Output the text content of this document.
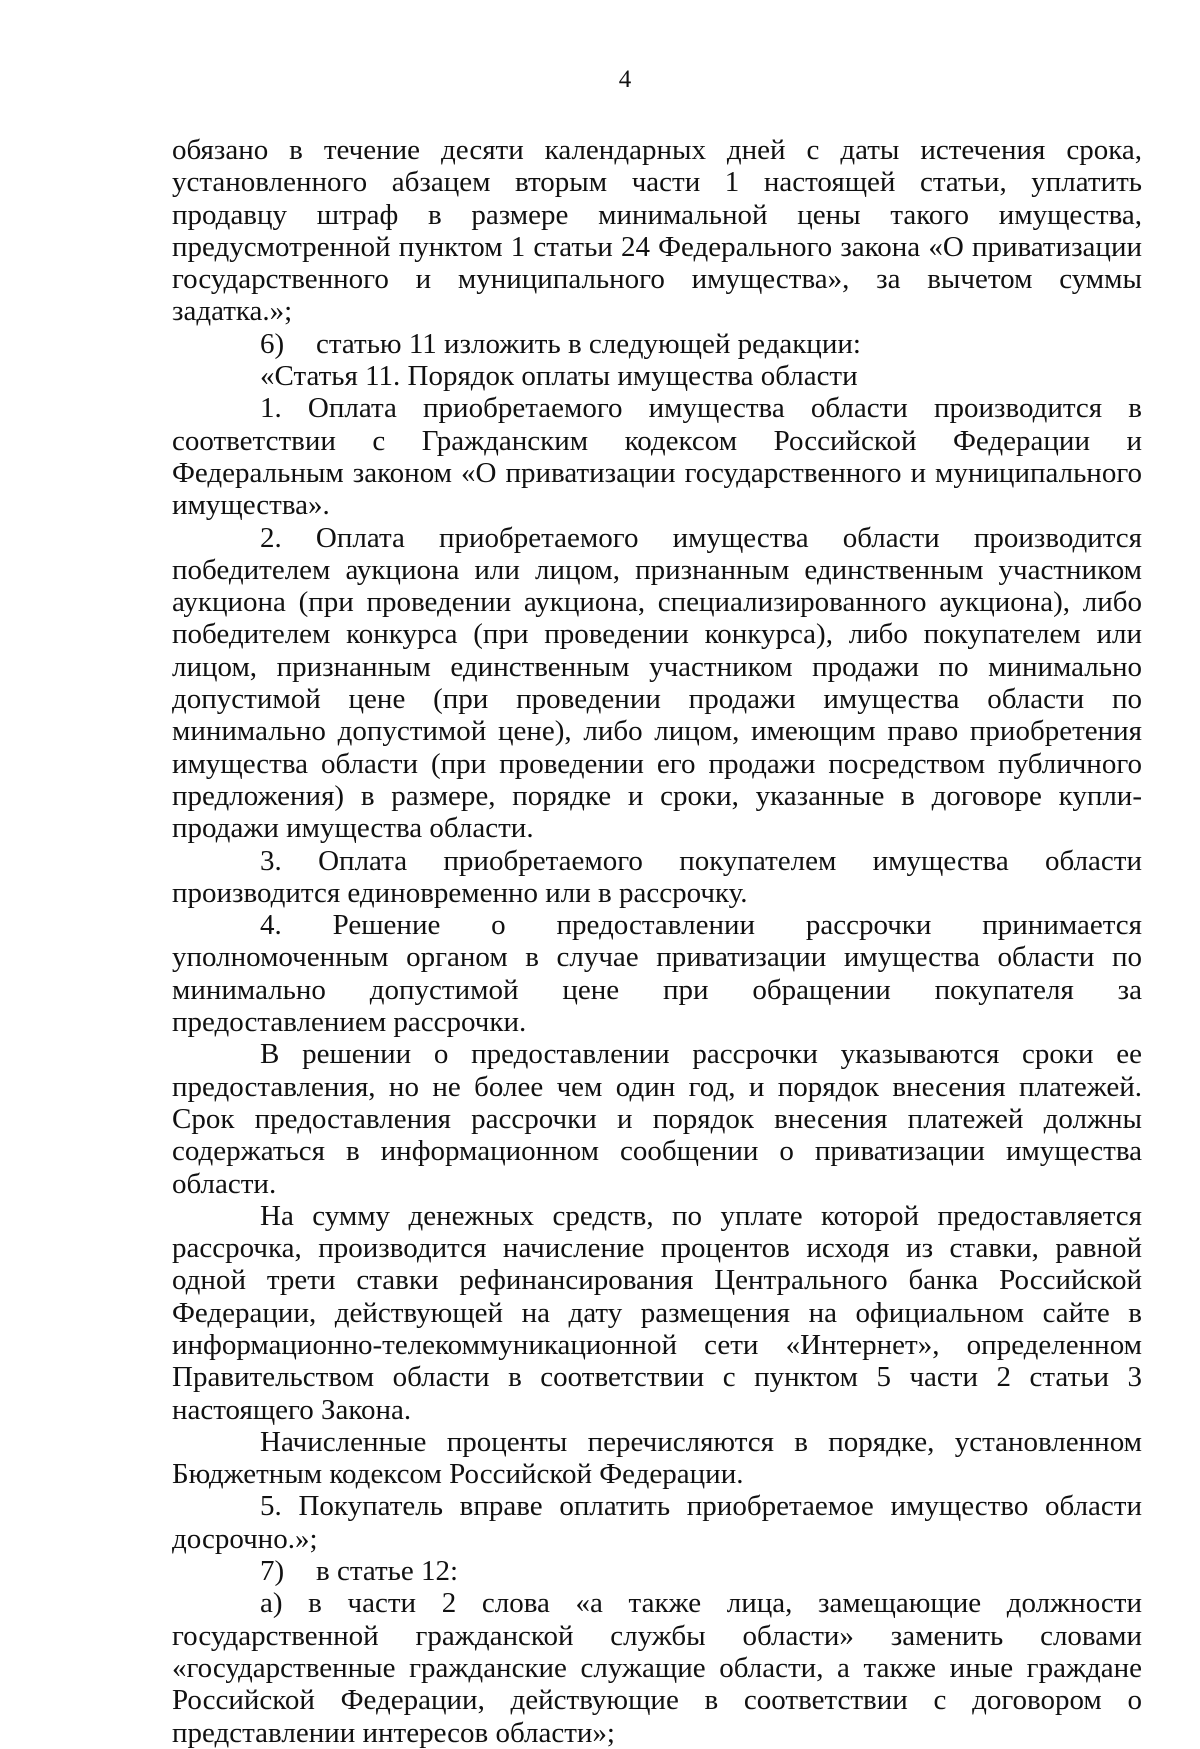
4

обязано в течение десяти календарных дней с даты истечения срока, установленного абзацем вторым части 1 настоящей статьи, уплатить продавцу штраф в размере минимальной цены такого имущества, предусмотренной пунктом 1 статьи 24 Федерального закона «О приватизации государственного и муниципального имущества», за вычетом суммы задатка.»;

6) статью 11 изложить в следующей редакции:

«Статья 11. Порядок оплаты имущества области

1. Оплата приобретаемого имущества области производится в соответствии с Гражданским кодексом Российской Федерации и Федеральным законом «О приватизации государственного и муниципального имущества».

2. Оплата приобретаемого имущества области производится победителем аукциона или лицом, признанным единственным участником аукциона (при проведении аукциона, специализированного аукциона), либо победителем конкурса (при проведении конкурса), либо покупателем или лицом, признанным единственным участником продажи по минимально допустимой цене (при проведении продажи имущества области по минимально допустимой цене), либо лицом, имеющим право приобретения имущества области (при проведении его продажи посредством публичного предложения) в размере, порядке и сроки, указанные в договоре купли-продажи имущества области.

3. Оплата приобретаемого покупателем имущества области производится единовременно или в рассрочку.

4. Решение о предоставлении рассрочки принимается уполномоченным органом в случае приватизации имущества области по минимально допустимой цене при обращении покупателя за предоставлением рассрочки.

В решении о предоставлении рассрочки указываются сроки ее предоставления, но не более чем один год, и порядок внесения платежей. Срок предоставления рассрочки и порядок внесения платежей должны содержаться в информационном сообщении о приватизации имущества области.

На сумму денежных средств, по уплате которой предоставляется рассрочка, производится начисление процентов исходя из ставки, равной одной трети ставки рефинансирования Центрального банка Российской Федерации, действующей на дату размещения на официальном сайте в информационно-телекоммуникационной сети «Интернет», определенном Правительством области в соответствии с пунктом 5 части 2 статьи 3 настоящего Закона.

Начисленные проценты перечисляются в порядке, установленном Бюджетным кодексом Российской Федерации.

5. Покупатель вправе оплатить приобретаемое имущество области досрочно.»;

7) в статье 12:

а) в части 2 слова «а также лица, замещающие должности государственной гражданской службы области» заменить словами «государственные гражданские служащие области, а также иные граждане Российской Федерации, действующие в соответствии с договором о представлении интересов области»;
